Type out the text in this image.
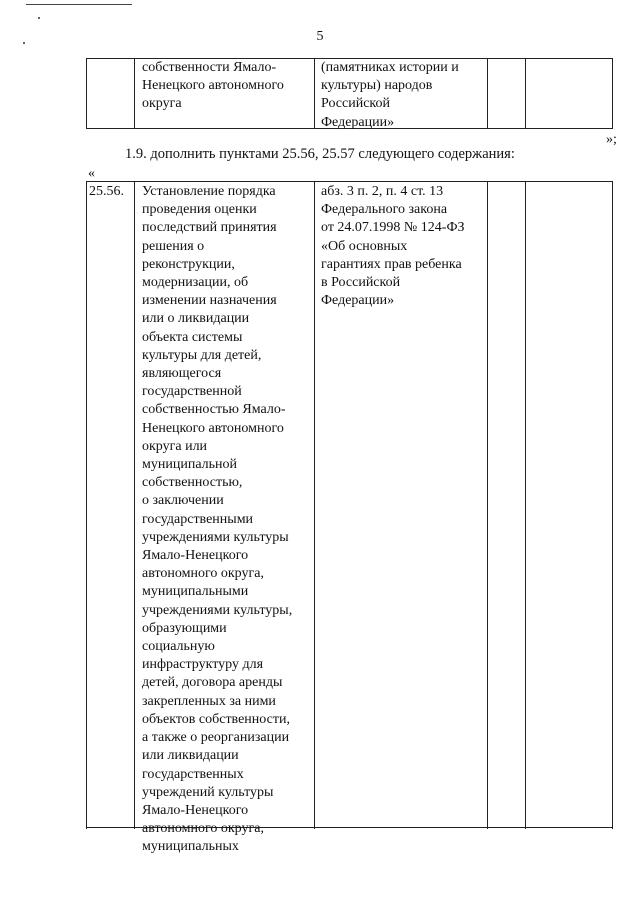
5
собственности Ямало-
Ненецкого автономного
округа
(памятниках истории и
культуры) народов
Российской
Федерации»
»;
1.9. дополнить пунктами 25.56, 25.57 следующего содержания:
«
25.56.	Установление порядка
проведения оценки
последствий принятия
решения о
реконструкции,
модернизации, об
изменении назначения
или о ликвидации
объекта системы
культуры для детей,
являющегося
государственной
собственностью Ямало-
Ненецкого автономного
округа или
муниципальной
собственностью,
о заключении
государственными
учреждениями культуры
Ямало-Ненецкого
автономного округа,
муниципальными
учреждениями культуры,
образующими
социальную
инфраструктуру для
детей, договора аренды
закрепленных за ними
объектов собственности,
а также о реорганизации
или ликвидации
государственных
учреждений культуры
Ямало-Ненецкого
автономного округа,
муниципальных
абз. 3 п. 2, п. 4 ст. 13
Федерального закона
от 24.07.1998 № 124-ФЗ
«Об основных
гарантиях прав ребенка
в Российской
Федерации»
